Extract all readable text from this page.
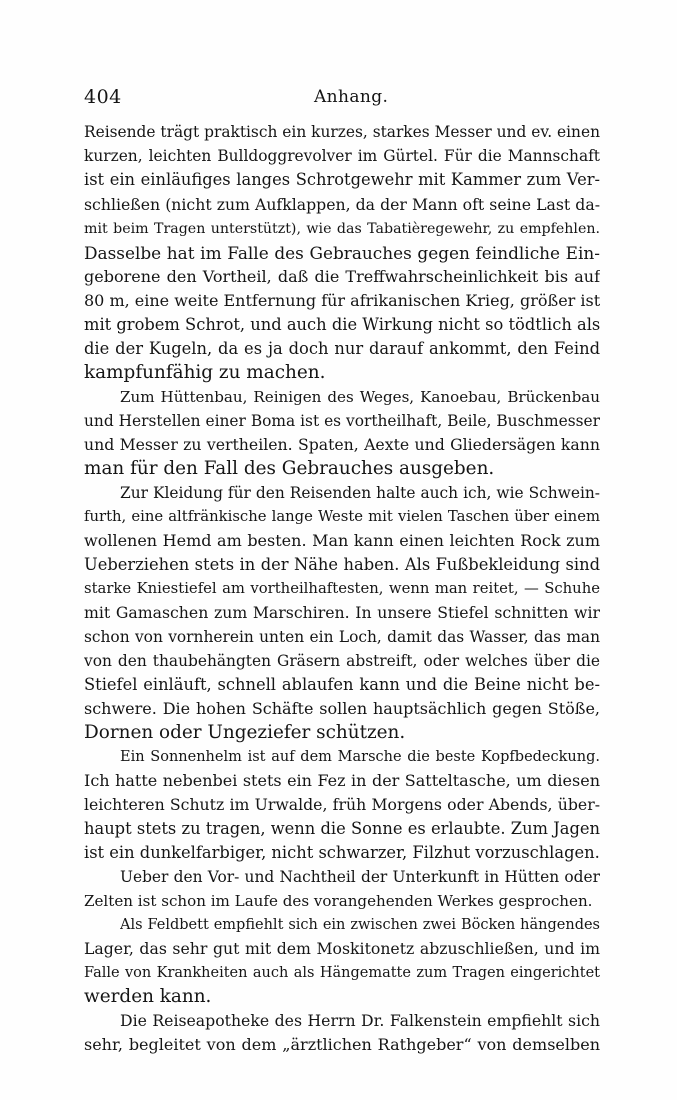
404	Anhang.
Reisende trägt praktisch ein kurzes, starkes Messer und ev. einen
kurzen, leichten Bulldoggrevolver im Gürtel. Für die Mannschaft
ist ein einläufiges langes Schrotgewehr mit Kammer zum Ver-
schließen (nicht zum Aufklappen, da der Mann oft seine Last da-
mit beim Tragen unterstützt), wie das Tabatièregewehr, zu empfehlen.
Dasselbe hat im Falle des Gebrauches gegen feindliche Ein-
geborene den Vortheil, daß die Treffwahrscheinlichkeit bis auf
80 m, eine weite Entfernung für afrikanischen Krieg, größer ist
mit grobem Schrot, und auch die Wirkung nicht so tödtlich als
die der Kugeln, da es ja doch nur darauf ankommt, den Feind
kampfunfähig zu machen.
Zum Hüttenbau, Reinigen des Weges, Kanoebau, Brückenbau
und Herstellen einer Boma ist es vortheilhaft, Beile, Buschmesser
und Messer zu vertheilen. Spaten, Aexte und Gliedersägen kann
man für den Fall des Gebrauches ausgeben.
Zur Kleidung für den Reisenden halte auch ich, wie Schwein-
furth, eine altfränkische lange Weste mit vielen Taschen über einem
wollenen Hemd am besten. Man kann einen leichten Rock zum
Ueberziehen stets in der Nähe haben. Als Fußbekleidung sind
starke Kniestiefel am vortheilhaftesten, wenn man reitet, — Schuhe
mit Gamaschen zum Marschiren. In unsere Stiefel schnitten wir
schon von vornherein unten ein Loch, damit das Wasser, das man
von den thaubehängten Gräsern abstreift, oder welches über die
Stiefel einläuft, schnell ablaufen kann und die Beine nicht be-
schwere. Die hohen Schäfte sollen hauptsächlich gegen Stöße,
Dornen oder Ungeziefer schützen.
Ein Sonnenhelm ist auf dem Marsche die beste Kopfbedeckung.
Ich hatte nebenbei stets ein Fez in der Satteltasche, um diesen
leichteren Schutz im Urwalde, früh Morgens oder Abends, über-
haupt stets zu tragen, wenn die Sonne es erlaubte. Zum Jagen
ist ein dunkelfarbiger, nicht schwarzer, Filzhut vorzuschlagen.
Ueber den Vor- und Nachtheil der Unterkunft in Hütten oder
Zelten ist schon im Laufe des vorangehenden Werkes gesprochen.
Als Feldbett empfiehlt sich ein zwischen zwei Böcken hängendes
Lager, das sehr gut mit dem Moskitonetz abzuschließen, und im
Falle von Krankheiten auch als Hängematte zum Tragen eingerichtet
werden kann.
Die Reiseapotheke des Herrn Dr. Falkenstein empfiehlt sich
sehr, begleitet von dem „ärztlichen Rathgeber“ von demselben
